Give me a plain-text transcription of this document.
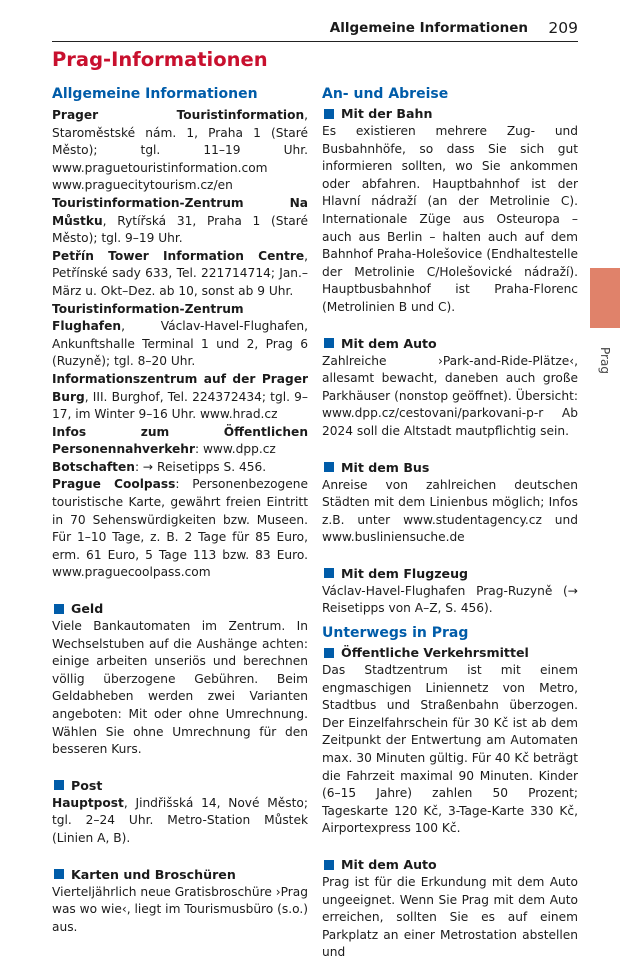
Allgemeine Informationen 209
Prag-Informationen
Prag
Allgemeine Informationen

Prager Touristinformation, Staroměstské nám. 1, Praha 1 (Staré Město); tgl. 11–19 Uhr. www.praguetouristinformation.com www.praguecitytourism.cz/en

Touristinformation-Zentrum Na Můstku, Rytířská 31, Praha 1 (Staré Město); tgl. 9–19 Uhr.

Petřín Tower Information Centre, Petřínské sady 633, Tel. 221714714; Jan.–März u. Okt–Dez. ab 10, sonst ab 9 Uhr.

Touristinformation-Zentrum Flughafen, Václav-Havel-Flughafen, Ankunftshalle Terminal 1 und 2, Prag 6 (Ruzyně); tgl. 8–20 Uhr.

Informationszentrum auf der Prager Burg, III. Burghof, Tel. 224372434; tgl. 9–17, im Winter 9–16 Uhr. www.hrad.cz

Infos zum Öffentlichen Personennahverkehr: www.dpp.cz

Botschaften: → Reisetipps S. 456.

Prague Coolpass: Personenbezogene touristische Karte, gewährt freien Eintritt in 70 Sehenswürdigkeiten bzw. Museen. Für 1–10 Tage, z. B. 2 Tage für 85 Euro, erm. 61 Euro, 5 Tage 113 bzw. 83 Euro. www.praguecoolpass.com

Geld

Viele Bankautomaten im Zentrum. In Wechselstuben auf die Aushänge achten: einige arbeiten unseriös und berechnen völlig überzogene Gebühren. Beim Geldabheben werden zwei Varianten angeboten: Mit oder ohne Umrechnung. Wählen Sie ohne Umrechnung für den besseren Kurs.

Post

Hauptpost, Jindřišská 14, Nové Město; tgl. 2–24 Uhr. Metro-Station Můstek (Linien A, B).

Karten und Broschüren

Vierteljährlich neue Gratisbroschüre ›Prag was wo wie‹, liegt im Tourismusbüro (s.o.) aus.

An- und Abreise
Mit der Bahn

Es existieren mehrere Zug- und Busbahnhöfe, so dass Sie sich gut informieren sollten, wo Sie ankommen oder abfahren. Hauptbahnhof ist der Hlavní nádraží (an der Metrolinie C). Internationale Züge aus Osteuropa – auch aus Berlin – halten auch auf dem Bahnhof Praha-Holešovice (Endhaltestelle der Metrolinie C/Holešovické nádraží). Hauptbusbahnhof ist Praha-Florenc (Metrolinien B und C).

Mit dem Auto

Zahlreiche ›Park-and-Ride-Plätze‹, allesamt bewacht, daneben auch große Parkhäuser (nonstop geöffnet). Übersicht: www.dpp.cz/cestovani/parkovani-p-r Ab 2024 soll die Altstadt mautpflichtig sein.

Mit dem Bus

Anreise von zahlreichen deutschen Städten mit dem Linienbus möglich; Infos z.B. unter www.studentagency.cz und www.busliniensuche.de

Mit dem Flugzeug

Václav-Havel-Flughafen Prag-Ruzyně (→ Reisetipps von A–Z, S. 456).

Unterwegs in Prag
Öffentliche Verkehrsmittel

Das Stadtzentrum ist mit einem engmaschigen Liniennetz von Metro, Stadtbus und Straßenbahn überzogen. Der Einzelfahrschein für 30 Kč ist ab dem Zeitpunkt der Entwertung am Automaten max. 30 Minuten gültig. Für 40 Kč beträgt die Fahrzeit maximal 90 Minuten. Kinder (6–15 Jahre) zahlen 50 Prozent; Tageskarte 120 Kč, 3-Tage-Karte 330 Kč, Airportexpress 100 Kč.

Mit dem Auto

Prag ist für die Erkundung mit dem Auto ungeeignet. Wenn Sie Prag mit dem Auto erreichen, sollten Sie es auf einem Parkplatz an einer Metrostation abstellen und
